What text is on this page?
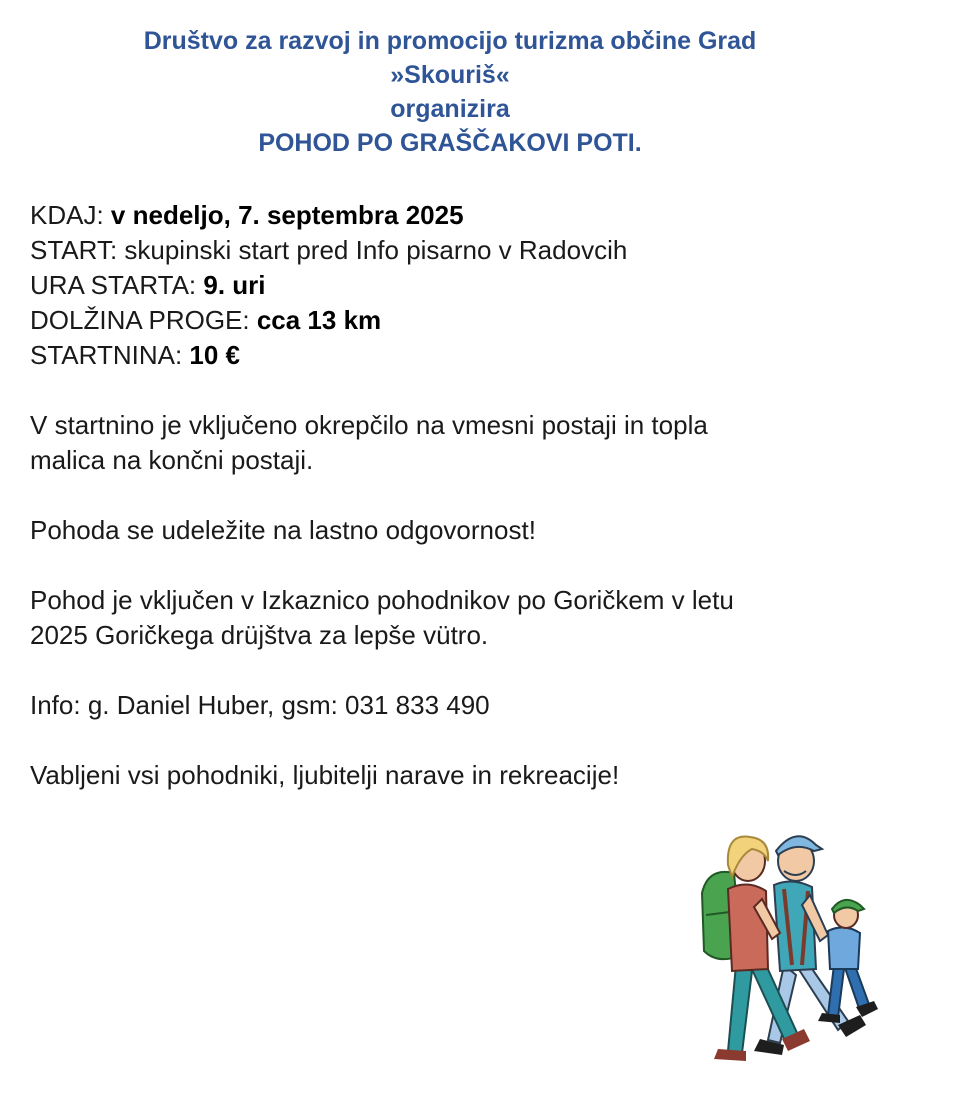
Društvo za razvoj in promocijo turizma občine Grad
»Skouriš«
organizira
POHOD PO GRAŠČAKOVI POTI.
KDAJ: v nedeljo, 7. septembra 2025
START: skupinski start pred Info pisarno v Radovcih
URA STARTA: 9. uri
DOLŽINA PROGE: cca 13 km
STARTNINA: 10 €
V startnino je vključeno okrepčilo na vmesni postaji in topla
malica na končni postaji.
Pohoda se udeležite na lastno odgovornost!
Pohod je vključen v Izkaznico pohodnikov po Goričkem v letu
2025 Goričkega drüjštva za lepše vütro.
Info: g. Daniel Huber, gsm: 031 833 490
Vabljeni vsi pohodniki, ljubitelji narave in rekreacije!
